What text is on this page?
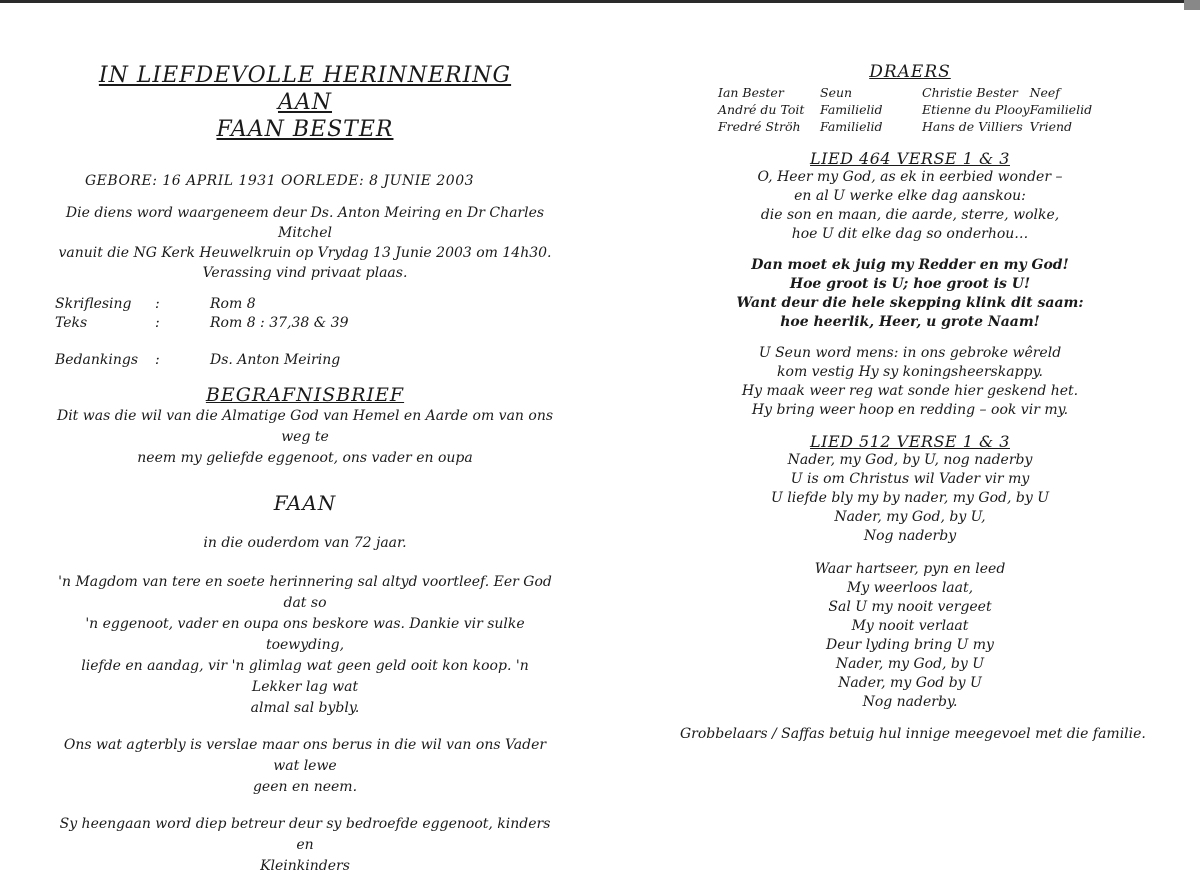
IN LIEFDEVOLLE HERINNERING
AAN
FAAN BESTER
GEBORE: 16 APRIL 1931 OORLEDE: 8 JUNIE 2003
Die diens word waargeneem deur Ds. Anton Meiring en Dr Charles Mitchel
vanuit die NG Kerk Heuwelkruin op Vrydag 13 Junie 2003 om 14h30.
Verassing vind privaat plaas.
Skriflesing	:	Rom 8
Teks	:	Rom 8 : 37,38 & 39

Bedankings	:	Ds. Anton Meiring
BEGRAFNISBRIEF
Dit was die wil van die Almatige God van Hemel en Aarde om van ons weg te
neem my geliefde eggenoot, ons vader en oupa
FAAN
in die ouderdom van 72 jaar.
'n Magdom van tere en soete herinnering sal altyd voortleef. Eer God dat so
'n eggenoot, vader en oupa ons beskore was. Dankie vir sulke toewyding,
liefde en aandag, vir 'n glimlag wat geen geld ooit kon koop. 'n Lekker lag wat
almal sal bybly.
Ons wat agterbly is verslae maar ons berus in die wil van ons Vader wat lewe
geen en neem.
Sy heengaan word diep betreur deur sy bedroefde eggenoot, kinders en
Kleinkinders
DRAERS
Ian Bester	Seun	Christie Bester	Neef
André du Toit	Familielid	Etienne du Plooy	Familielid
Fredré Ströh	Familielid	Hans de Villiers	Vriend
LIED 464 VERSE 1 & 3
O, Heer my God, as ek in eerbied wonder –
en al U werke elke dag aanskou:
die son en maan, die aarde, sterre, wolke,
hoe U dit elke dag so onderhou…
Dan moet ek juig my Redder en my God!
Hoe groot is U; hoe groot is U!
Want deur die hele skepping klink dit saam:
hoe heerlik, Heer, u grote Naam!
U Seun word mens: in ons gebroke wêreld
kom vestig Hy sy koningsheerskappy.
Hy maak weer reg wat sonde hier geskend het.
Hy bring weer hoop en redding – ook vir my.
LIED 512 VERSE 1 & 3
Nader, my God, by U, nog naderby
U is om Christus wil Vader vir my
U liefde bly my by nader, my God, by U
Nader, my God, by U,
Nog naderby
Waar hartseer, pyn en leed
My weerloos laat,
Sal U my nooit vergeet
My nooit verlaat
Deur lyding bring U my
Nader, my God, by U
Nader, my God by U
Nog naderby.
Grobbelaars / Saffas betuig hul innige meegevoel met die familie.
